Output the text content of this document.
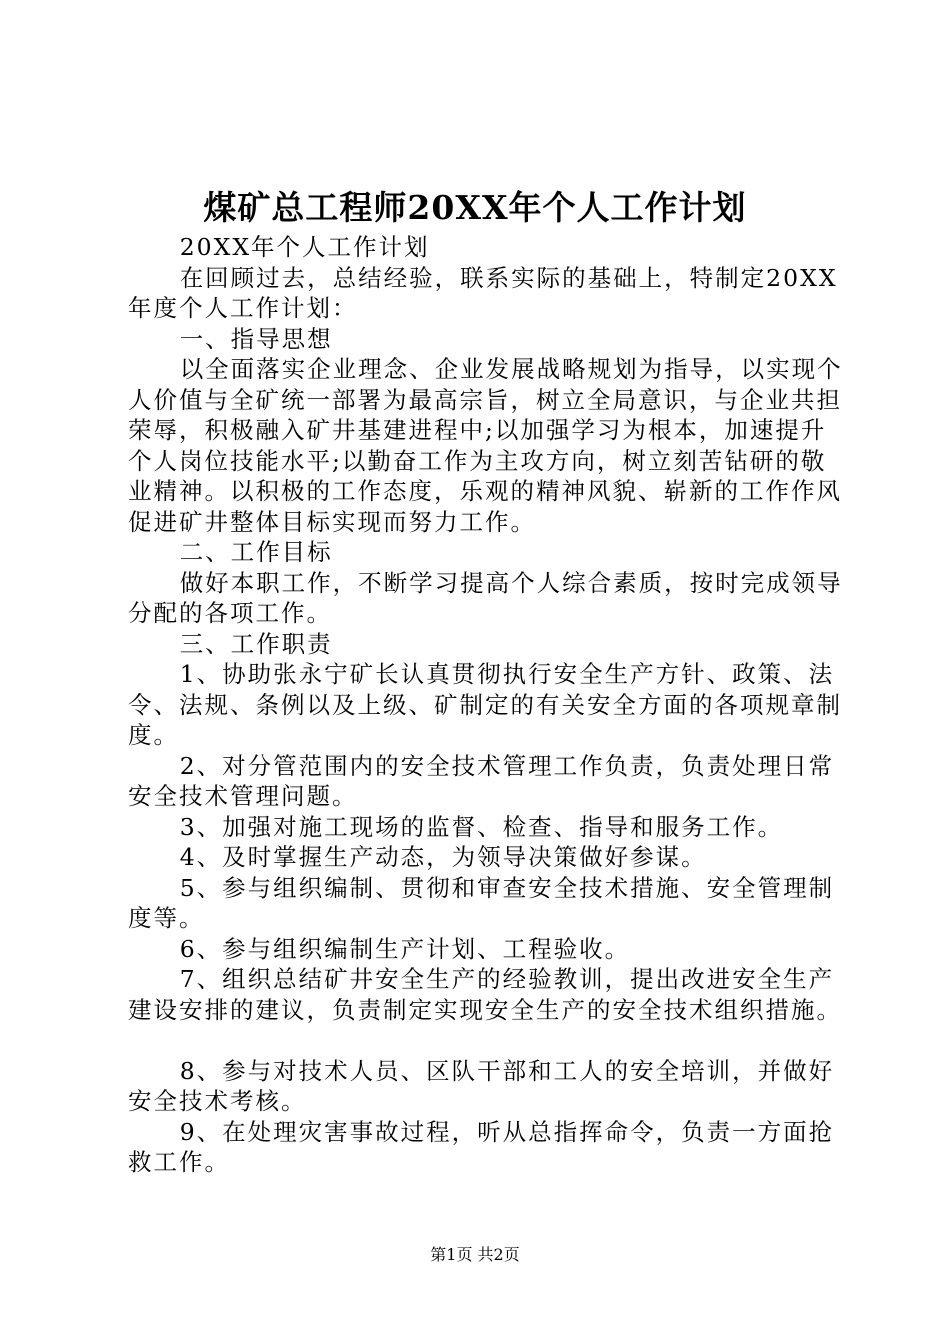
煤矿总工程师20XX年个人工作计划

20XX年个人工作计划

在回顾过去，总结经验，联系实际的基础上，特制定20XX年度个人工作计划：

一、指导思想

以全面落实企业理念、企业发展战略规划为指导，以实现个人价值与全矿统一部署为最高宗旨，树立全局意识，与企业共担荣辱，积极融入矿井基建进程中;以加强学习为根本，加速提升个人岗位技能水平;以勤奋工作为主攻方向，树立刻苦钻研的敬业精神。以积极的工作态度，乐观的精神风貌、崭新的工作作风促进矿井整体目标实现而努力工作。

二、工作目标

做好本职工作，不断学习提高个人综合素质，按时完成领导分配的各项工作。

三、工作职责

1、协助张永宁矿长认真贯彻执行安全生产方针、政策、法令、法规、条例以及上级、矿制定的有关安全方面的各项规章制度。

2、对分管范围内的安全技术管理工作负责，负责处理日常安全技术管理问题。

3、加强对施工现场的监督、检查、指导和服务工作。

4、及时掌握生产动态，为领导决策做好参谋。

5、参与组织编制、贯彻和审查安全技术措施、安全管理制度等。

6、参与组织编制生产计划、工程验收。

7、组织总结矿井安全生产的经验教训，提出改进安全生产建设安排的建议，负责制定实现安全生产的安全技术组织措施。

8、参与对技术人员、区队干部和工人的安全培训，并做好安全技术考核。

9、在处理灾害事故过程，听从总指挥命令，负责一方面抢救工作。

第1页 共2页
